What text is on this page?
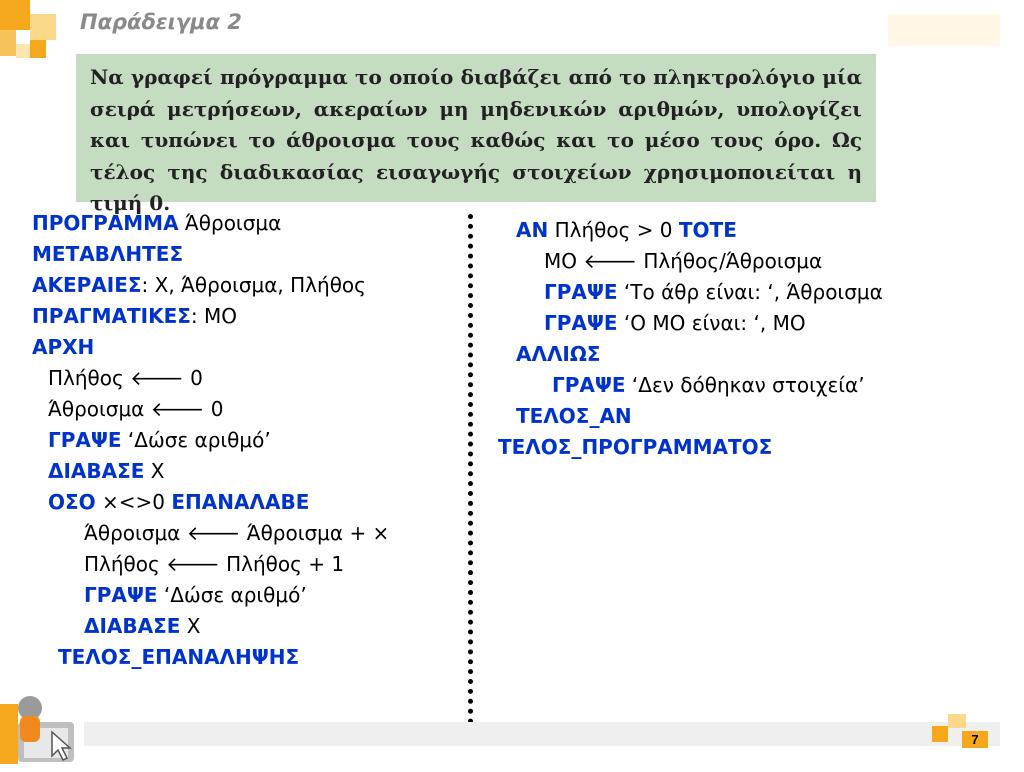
Παράδειγμα 2
Να γραφεί πρόγραμμα το οποίο διαβάζει από το πληκτρολόγιο μία σειρά μετρήσεων, ακεραίων μη μηδενικών αριθμών, υπολογίζει και τυπώνει το άθροισμα τους καθώς και το μέσο τους όρο. Ως τέλος της διαδικασίας εισαγωγής στοιχείων χρησιμοποιείται η τιμή 0.
ΠΡΟΓΡΑΜΜΑ Άθροισμα
ΜΕΤΑΒΛΗΤΕΣ
ΑΚΕΡΑΙΕΣ: Χ, Άθροισμα, Πλήθος
ΠΡΑΓΜΑΤΙΚΕΣ: ΜΟ
ΑΡΧΗ
Πλήθος 🡐 0
Άθροισμα 🡐 0
ΓΡΑΨΕ ‘Δώσε αριθμό’
ΔΙΑΒΑΣΕ Χ
ΟΣΟ ×<>0 ΕΠΑΝΑΛΑΒΕ
Άθροισμα 🡐 Άθροισμα + ×
Πλήθος 🡐 Πλήθος + 1
ΓΡΑΨΕ ‘Δώσε αριθμό’
ΔΙΑΒΑΣΕ Χ
ΤΕΛΟΣ_ΕΠΑΝΑΛΗΨΗΣ
ΑΝ Πλήθος > 0 ΤΟΤΕ
ΜΟ 🡐 Πλήθος/Άθροισμα
ΓΡΑΨΕ ‘Το άθρ είναι: ‘, Άθροισμα
ΓΡΑΨΕ ‘Ο ΜΟ είναι: ‘, ΜΟ
ΑΛΛΙΩΣ
ΓΡΑΨΕ ‘Δεν δόθηκαν στοιχεία’
ΤΕΛΟΣ_ΑΝ
ΤΕΛΟΣ_ΠΡΟΓΡΑΜΜΑΤΟΣ
7
